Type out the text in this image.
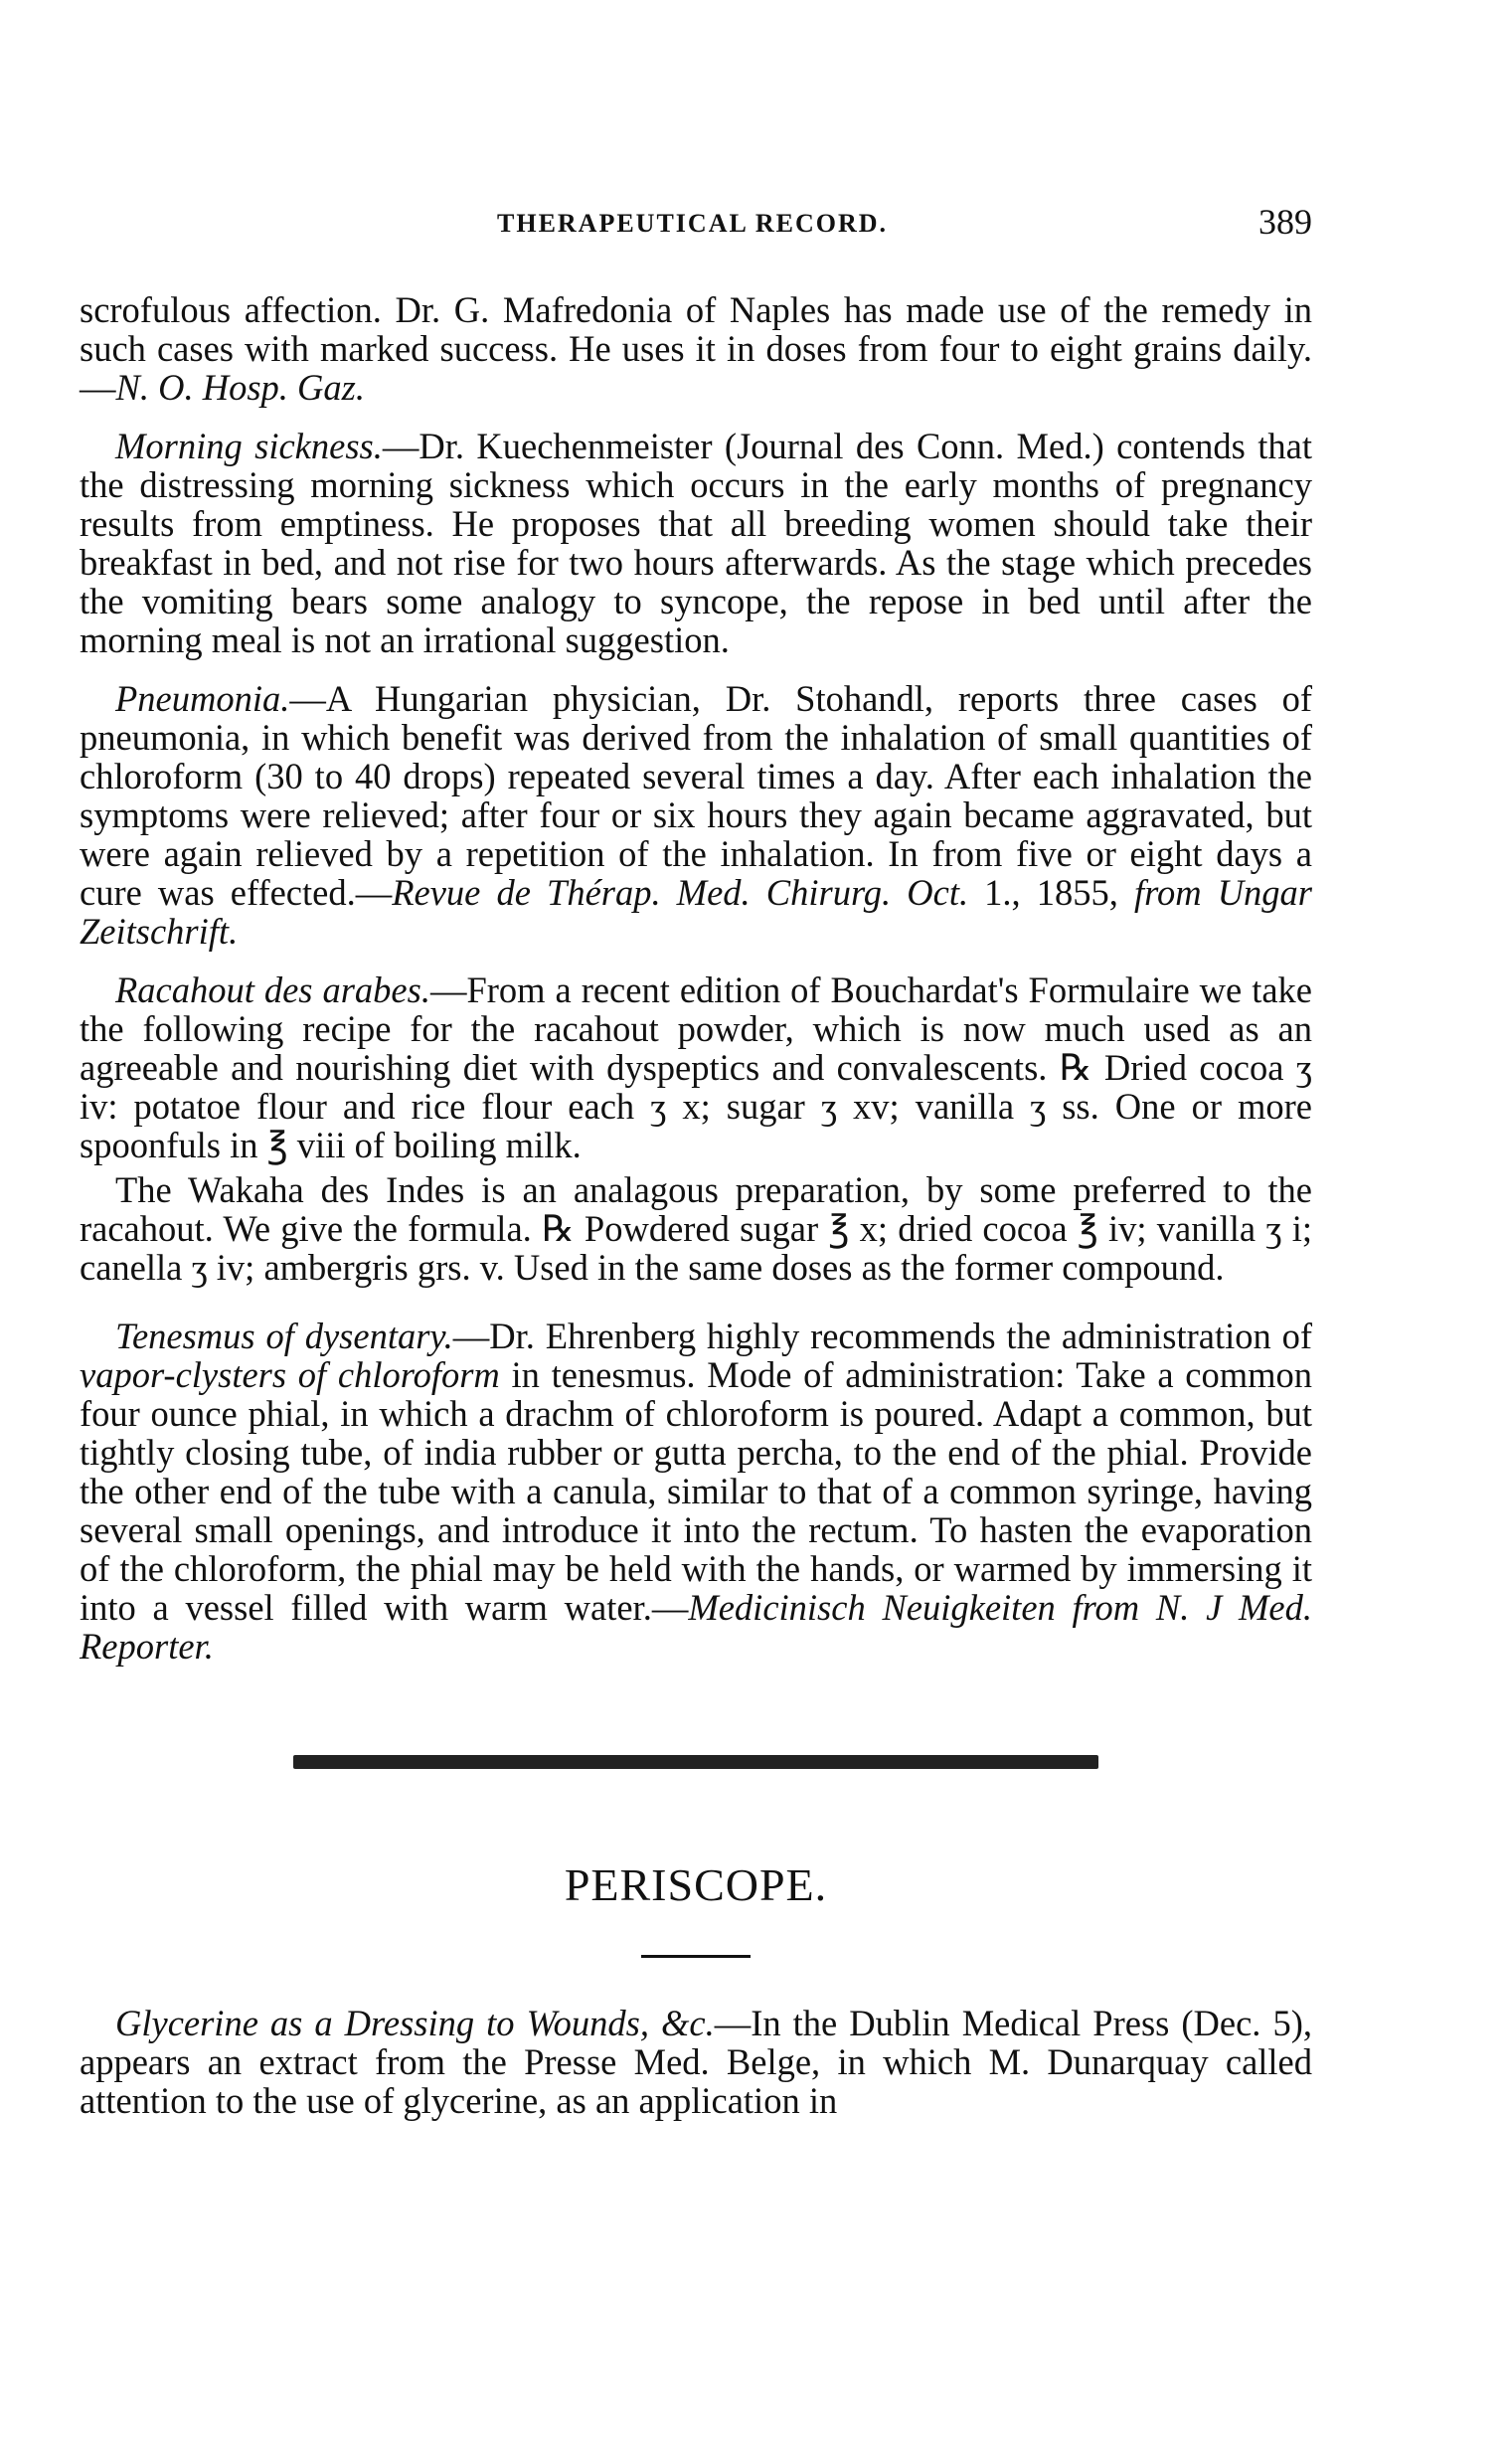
THERAPEUTICAL RECORD.	389

scrofulous affection. Dr. G. Mafredonia of Naples has made use of the remedy in such cases with marked success. He uses it in doses from four to eight grains daily.—N. O. Hosp. Gaz.

Morning sickness.—Dr. Kuechenmeister (Journal des Conn. Med.) contends that the distressing morning sickness which occurs in the early months of pregnancy results from emptiness. He proposes that all breeding women should take their breakfast in bed, and not rise for two hours afterwards. As the stage which precedes the vomiting bears some analogy to syncope, the repose in bed until after the morning meal is not an irrational suggestion.

Pneumonia.—A Hungarian physician, Dr. Stohandl, reports three cases of pneumonia, in which benefit was derived from the inhalation of small quantities of chloroform (30 to 40 drops) repeated several times a day. After each inhalation the symptoms were relieved; after four or six hours they again became aggravated, but were again relieved by a repetition of the inhalation. In from five or eight days a cure was effected.—Revue de Thérap. Med. Chirurg. Oct. 1., 1855, from Ungar Zeitschrift.

Racahout des arabes.—From a recent edition of Bouchardat's Formulaire we take the following recipe for the racahout powder, which is now much used as an agreeable and nourishing diet with dyspeptics and convalescents. ℞ Dried cocoa ʒ iv: potatoe flour and rice flour each ʒ x; sugar ʒ xv; vanilla ʒ ss. One or more spoonfuls in ℥ viii of boiling milk.

The Wakaha des Indes is an analagous preparation, by some preferred to the racahout. We give the formula. ℞ Powdered sugar ℥ x; dried cocoa ℥ iv; vanilla ʒ i; canella ʒ iv; ambergris grs. v. Used in the same doses as the former compound.

Tenesmus of dysentary.—Dr. Ehrenberg highly recommends the administration of vapor-clysters of chloroform in tenesmus. Mode of administration: Take a common four ounce phial, in which a drachm of chloroform is poured. Adapt a common, but tightly closing tube, of india rubber or gutta percha, to the end of the phial. Provide the other end of the tube with a canula, similar to that of a common syringe, having several small openings, and introduce it into the rectum. To hasten the evaporation of the chloroform, the phial may be held with the hands, or warmed by immersing it into a vessel filled with warm water.—Medicinisch Neuigkeiten from N. J Med. Reporter.

PERISCOPE.

Glycerine as a Dressing to Wounds, &c.—In the Dublin Medical Press (Dec. 5), appears an extract from the Presse Med. Belge, in which M. Dunarquay called attention to the use of glycerine, as an application in
